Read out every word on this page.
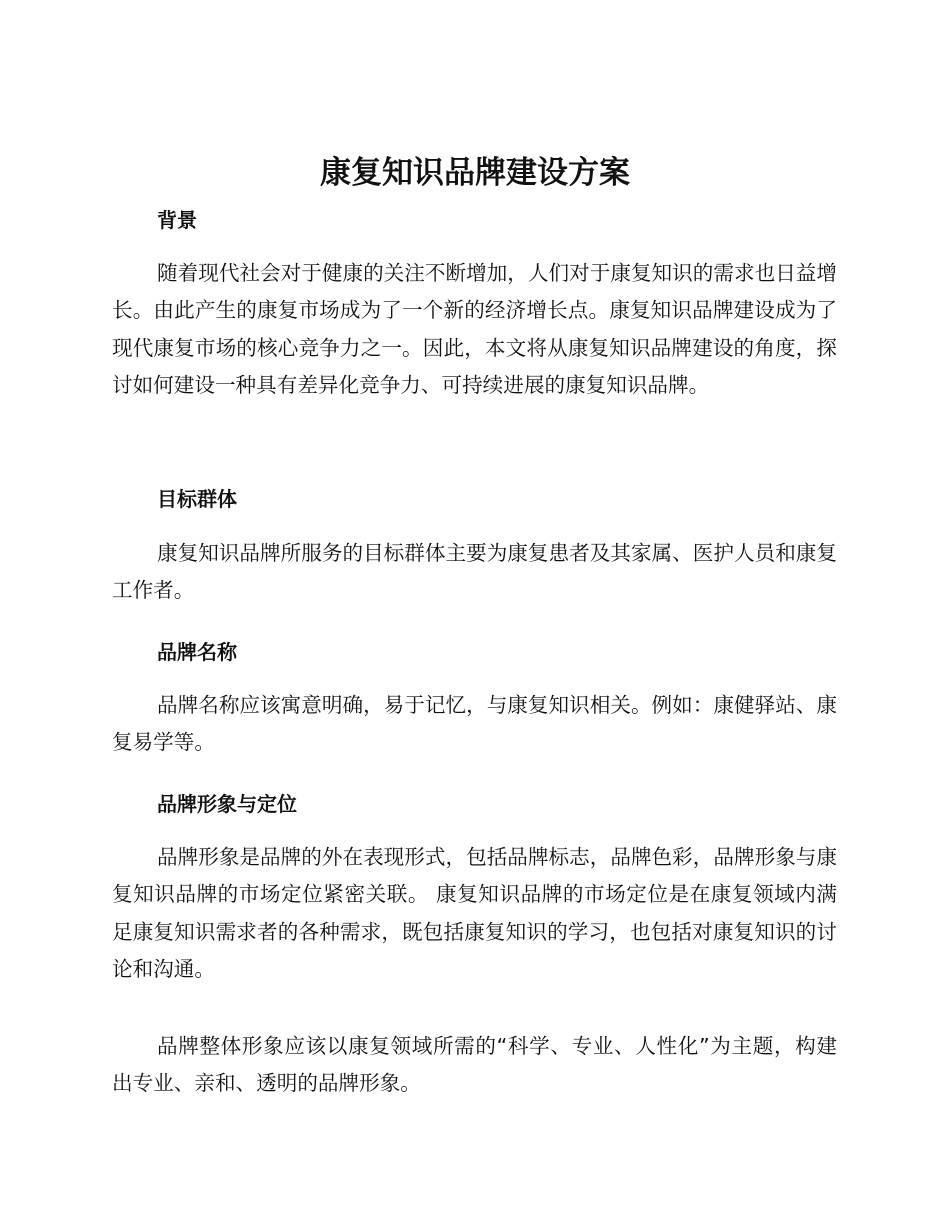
康复知识品牌建设方案
背景

随着现代社会对于健康的关注不断增加，人们对于康复知识的需求也日益增长。由此产生的康复市场成为了一个新的经济增长点。康复知识品牌建设成为了现代康复市场的核心竞争力之一。因此，本文将从康复知识品牌建设的角度，探讨如何建设一种具有差异化竞争力、可持续进展的康复知识品牌。

目标群体

康复知识品牌所服务的目标群体主要为康复患者及其家属、医护人员和康复工作者。

品牌名称

品牌名称应该寓意明确，易于记忆，与康复知识相关。例如：康健驿站、康复易学等。

品牌形象与定位

品牌形象是品牌的外在表现形式，包括品牌标志，品牌色彩，品牌形象与康复知识品牌的市场定位紧密关联。 康复知识品牌的市场定位是在康复领域内满足康复知识需求者的各种需求，既包括康复知识的学习，也包括对康复知识的讨论和沟通。

品牌整体形象应该以康复领域所需的“科学、专业、人性化”为主题，构建出专业、亲和、透明的品牌形象。
